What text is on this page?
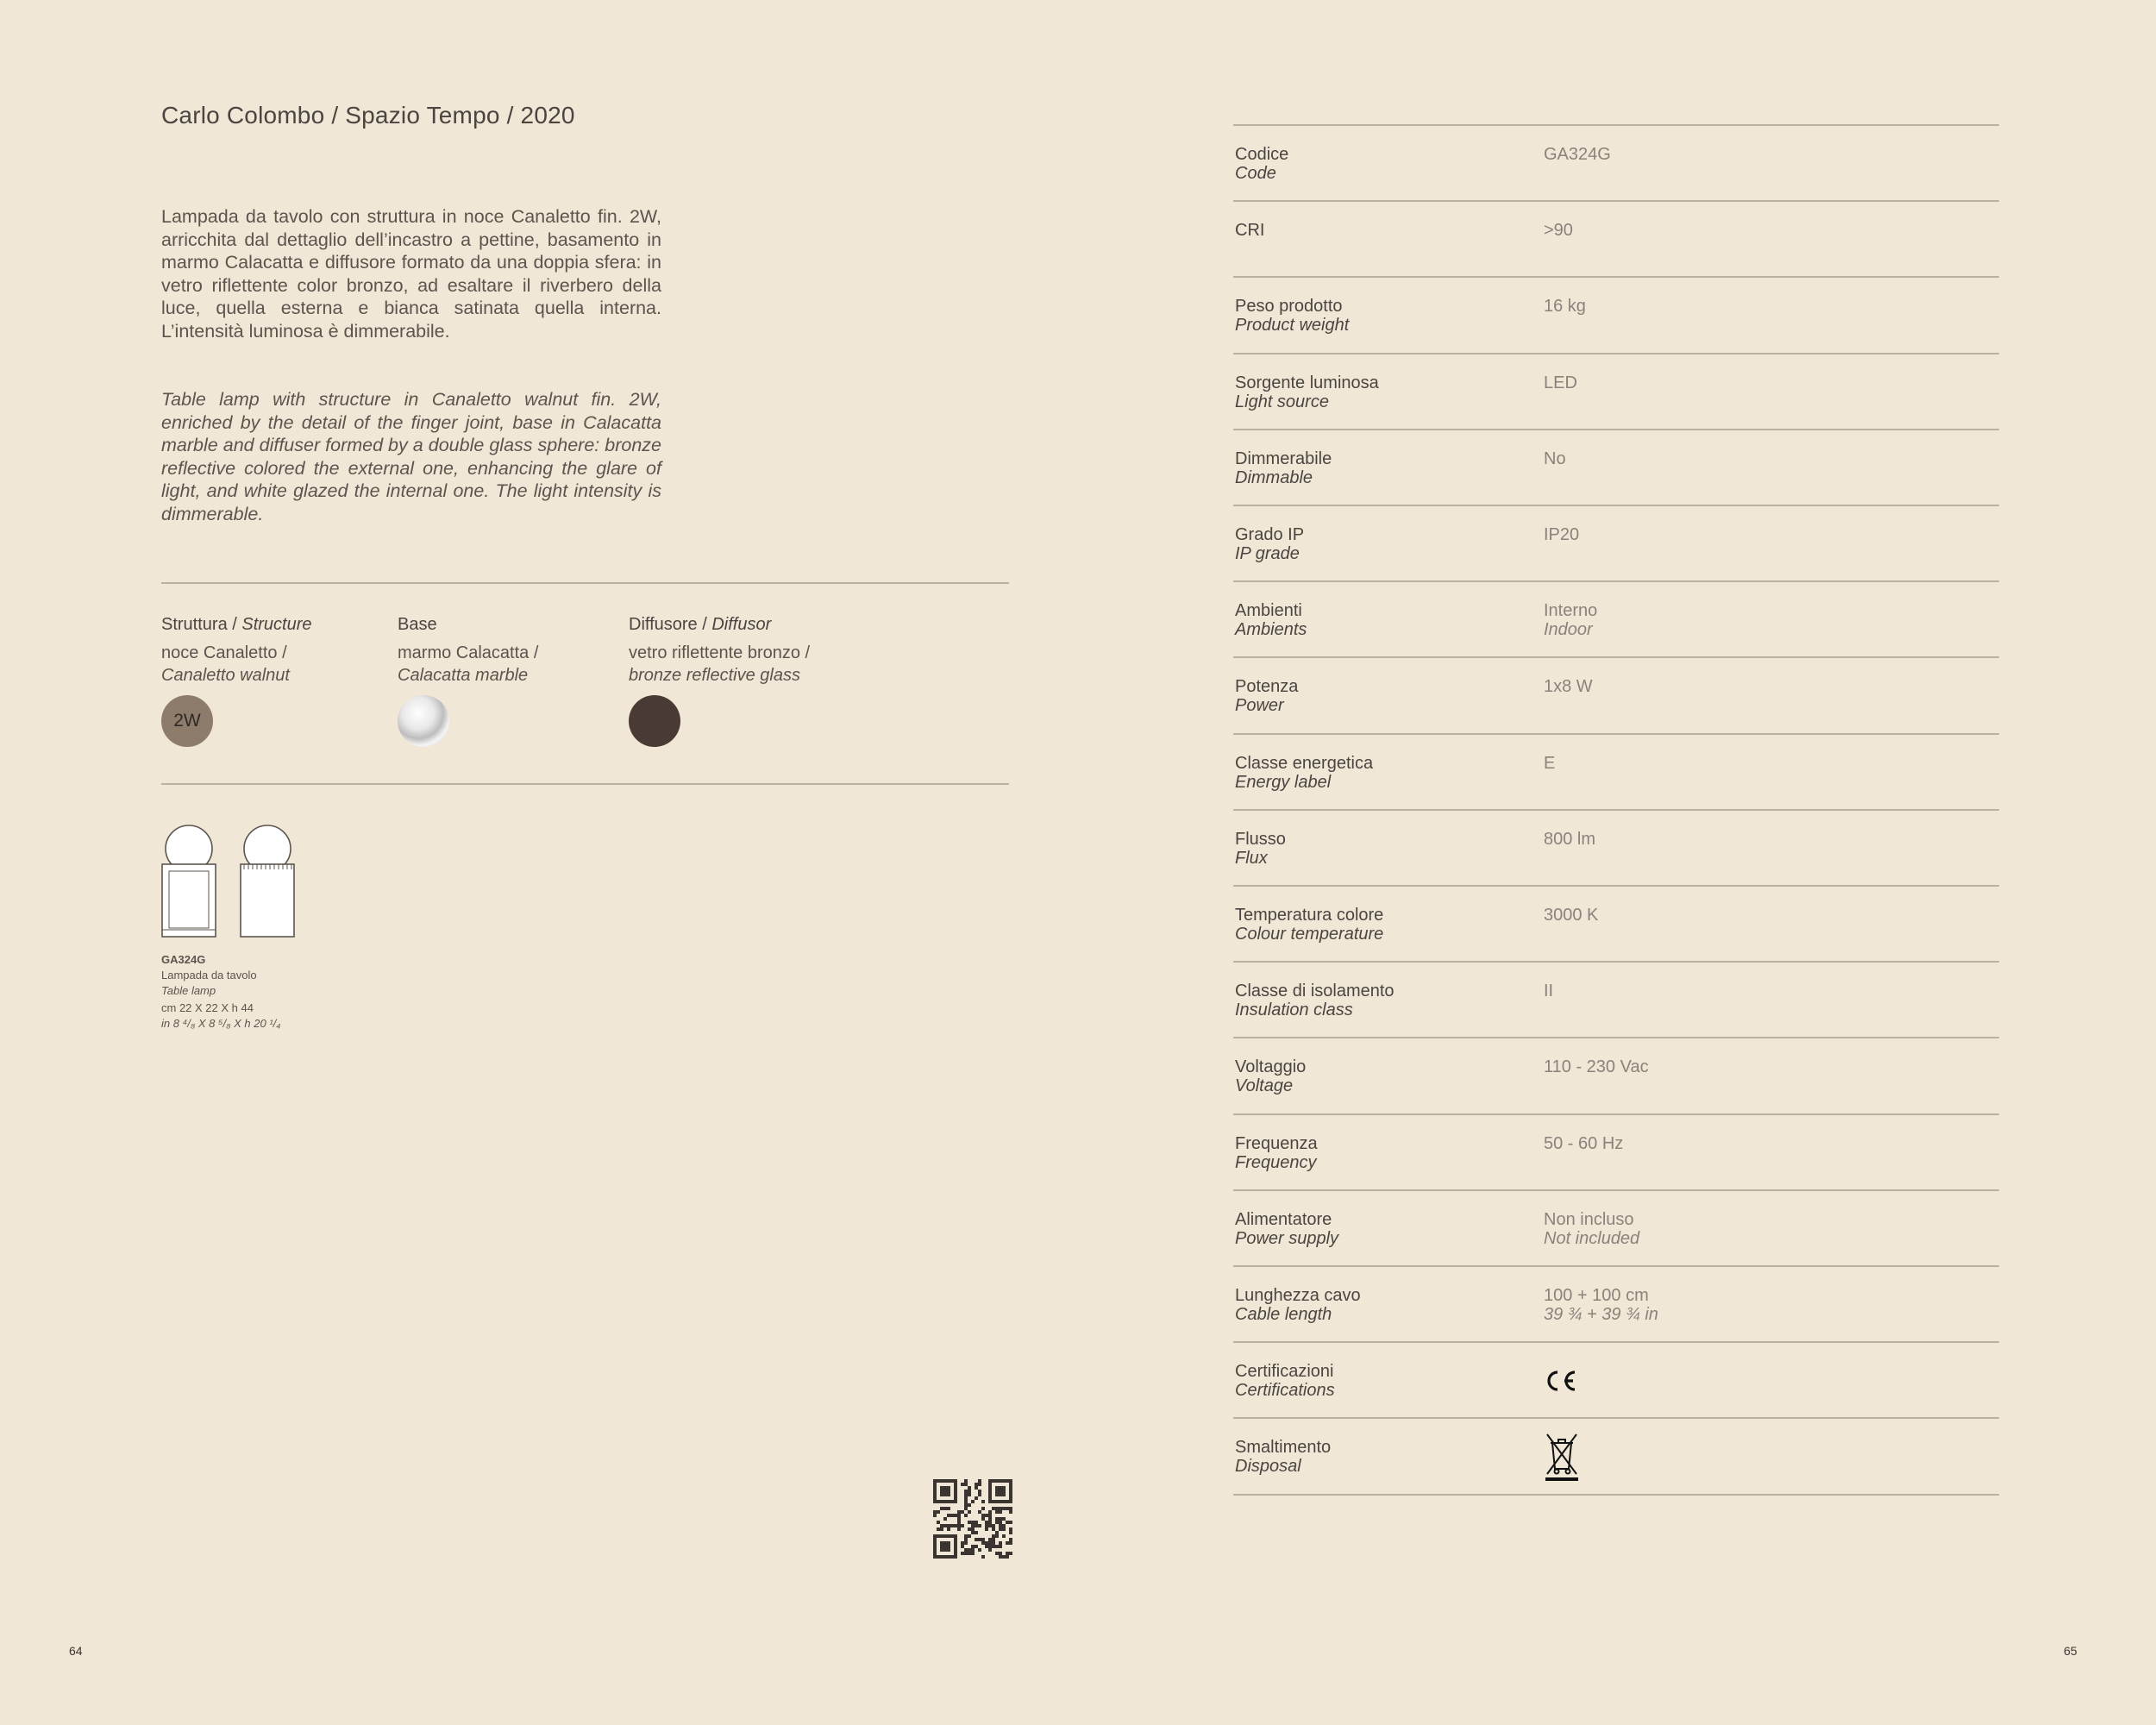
Carlo Colombo / Spazio Tempo / 2020
Lampada da tavolo con struttura in noce Canaletto fin. 2W, arricchita dal dettaglio dell’incastro a pettine, basamento in marmo Calacatta e diffusore formato da una doppia sfera: in vetro riflettente color bronzo, ad esaltare il riverbero della luce, quella esterna e bianca satinata quella interna. L’intensità luminosa è dimmerabile.
Table lamp with structure in Canaletto walnut fin. 2W, enriched by the detail of the finger joint, base in Calacatta marble and diffuser formed by a double glass sphere: bronze reflective colored the external one, enhancing the glare of light, and white glazed the internal one. The light intensity is dimmerable.
Struttura / Structure
noce Canaletto /
Canaletto walnut
2W
Base
marmo Calacatta /
Calacatta marble
Diffusore / Diffusor
vetro riflettente bronzo /
bronze reflective glass
GA324G
Lampada da tavolo
Table lamp
cm 22 X 22 X h 44
in 8 ⁴/₈ X 8 ⁵/₈ X h 20 ¹/₄
64
Codice
Code
GA324G
CRI	>90
Peso prodotto
Product weight
16 kg
Sorgente luminosa
Light source
LED
Dimmerabile
Dimmable
No
Grado IP
IP grade
IP20
Ambienti
Ambients
Interno
Indoor
Potenza
Power
1x8 W
Classe energetica
Energy label
E
Flusso
Flux
800 lm
Temperatura colore
Colour temperature
3000 K
Classe di isolamento
Insulation class
II
Voltaggio
Voltage
110 - 230 Vac
Frequenza
Frequency
50 - 60 Hz
Alimentatore
Power supply
Non incluso
Not included
Lunghezza cavo
Cable length
100 + 100 cm
39 ¾ + 39 ¾ in
Certificazioni
Certifications
Smaltimento
Disposal
65
